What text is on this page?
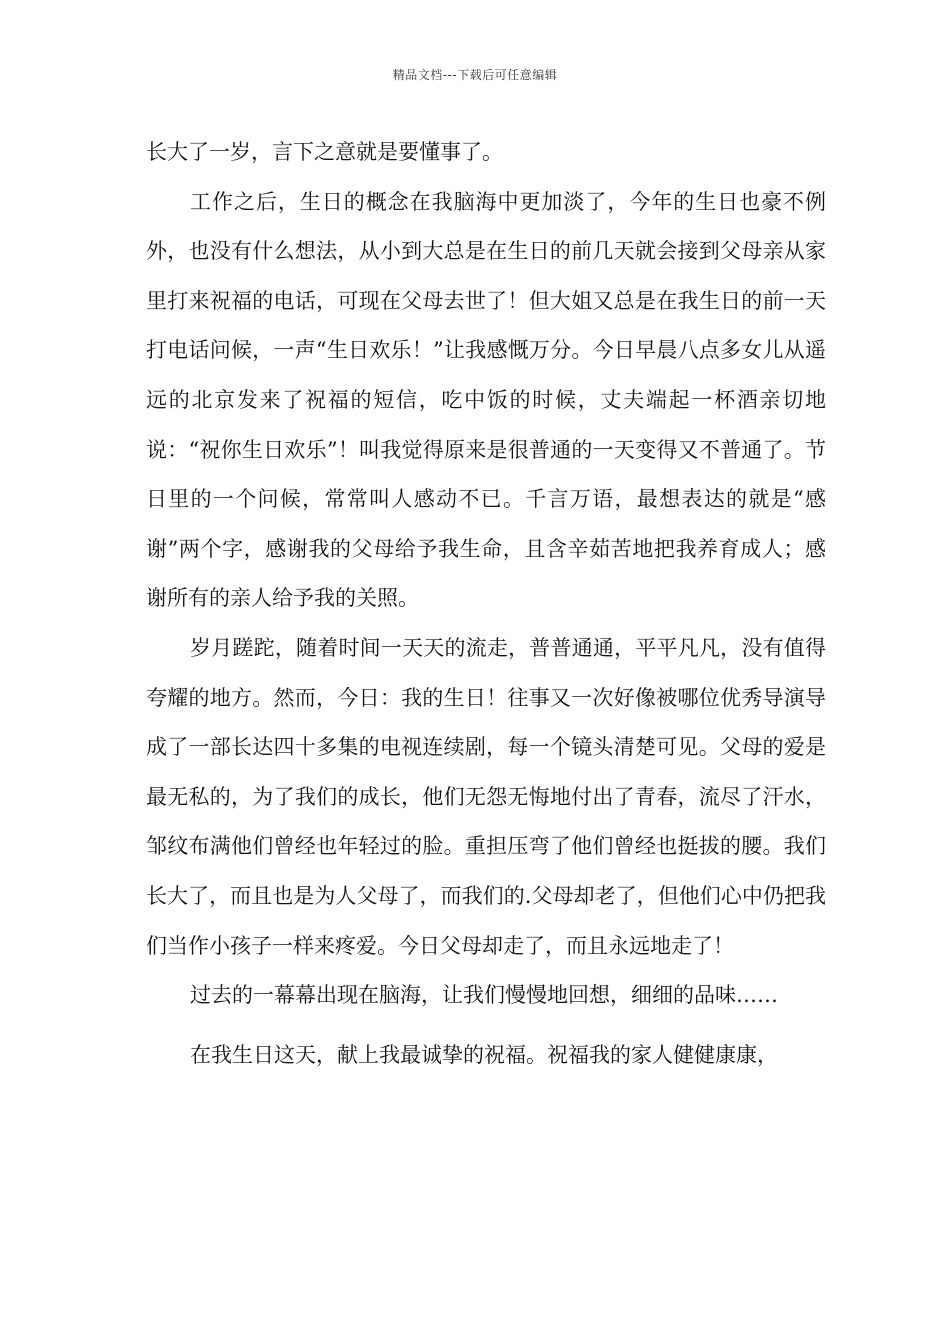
精品文档---下载后可任意编辑

长大了一岁，言下之意就是要懂事了。

工作之后，生日的概念在我脑海中更加淡了，今年的生日也豪不例外，也没有什么想法，从小到大总是在生日的前几天就会接到父母亲从家里打来祝福的电话，可现在父母去世了！但大姐又总是在我生日的前一天打电话问候，一声“生日欢乐！”让我感慨万分。今日早晨八点多女儿从遥远的北京发来了祝福的短信，吃中饭的时候，丈夫端起一杯酒亲切地说：“祝你生日欢乐”！叫我觉得原来是很普通的一天变得又不普通了。节日里的一个问候，常常叫人感动不已。千言万语，最想表达的就是“感谢”两个字，感谢我的父母给予我生命，且含辛茹苦地把我养育成人；感谢所有的亲人给予我的关照。

岁月蹉跎，随着时间一天天的流走，普普通通，平平凡凡，没有值得夸耀的地方。然而，今日：我的生日！往事又一次好像被哪位优秀导演导成了一部长达四十多集的电视连续剧，每一个镜头清楚可见。父母的爱是最无私的，为了我们的成长，他们无怨无悔地付出了青春，流尽了汗水，邹纹布满他们曾经也年轻过的脸。重担压弯了他们曾经也挺拔的腰。我们长大了，而且也是为人父母了，而我们的.父母却老了，但他们心中仍把我们当作小孩子一样来疼爱。今日父母却走了，而且永远地走了！

过去的一幕幕出现在脑海，让我们慢慢地回想，细细的品味……

在我生日这天，献上我最诚挚的祝福。祝福我的家人健健康康，
